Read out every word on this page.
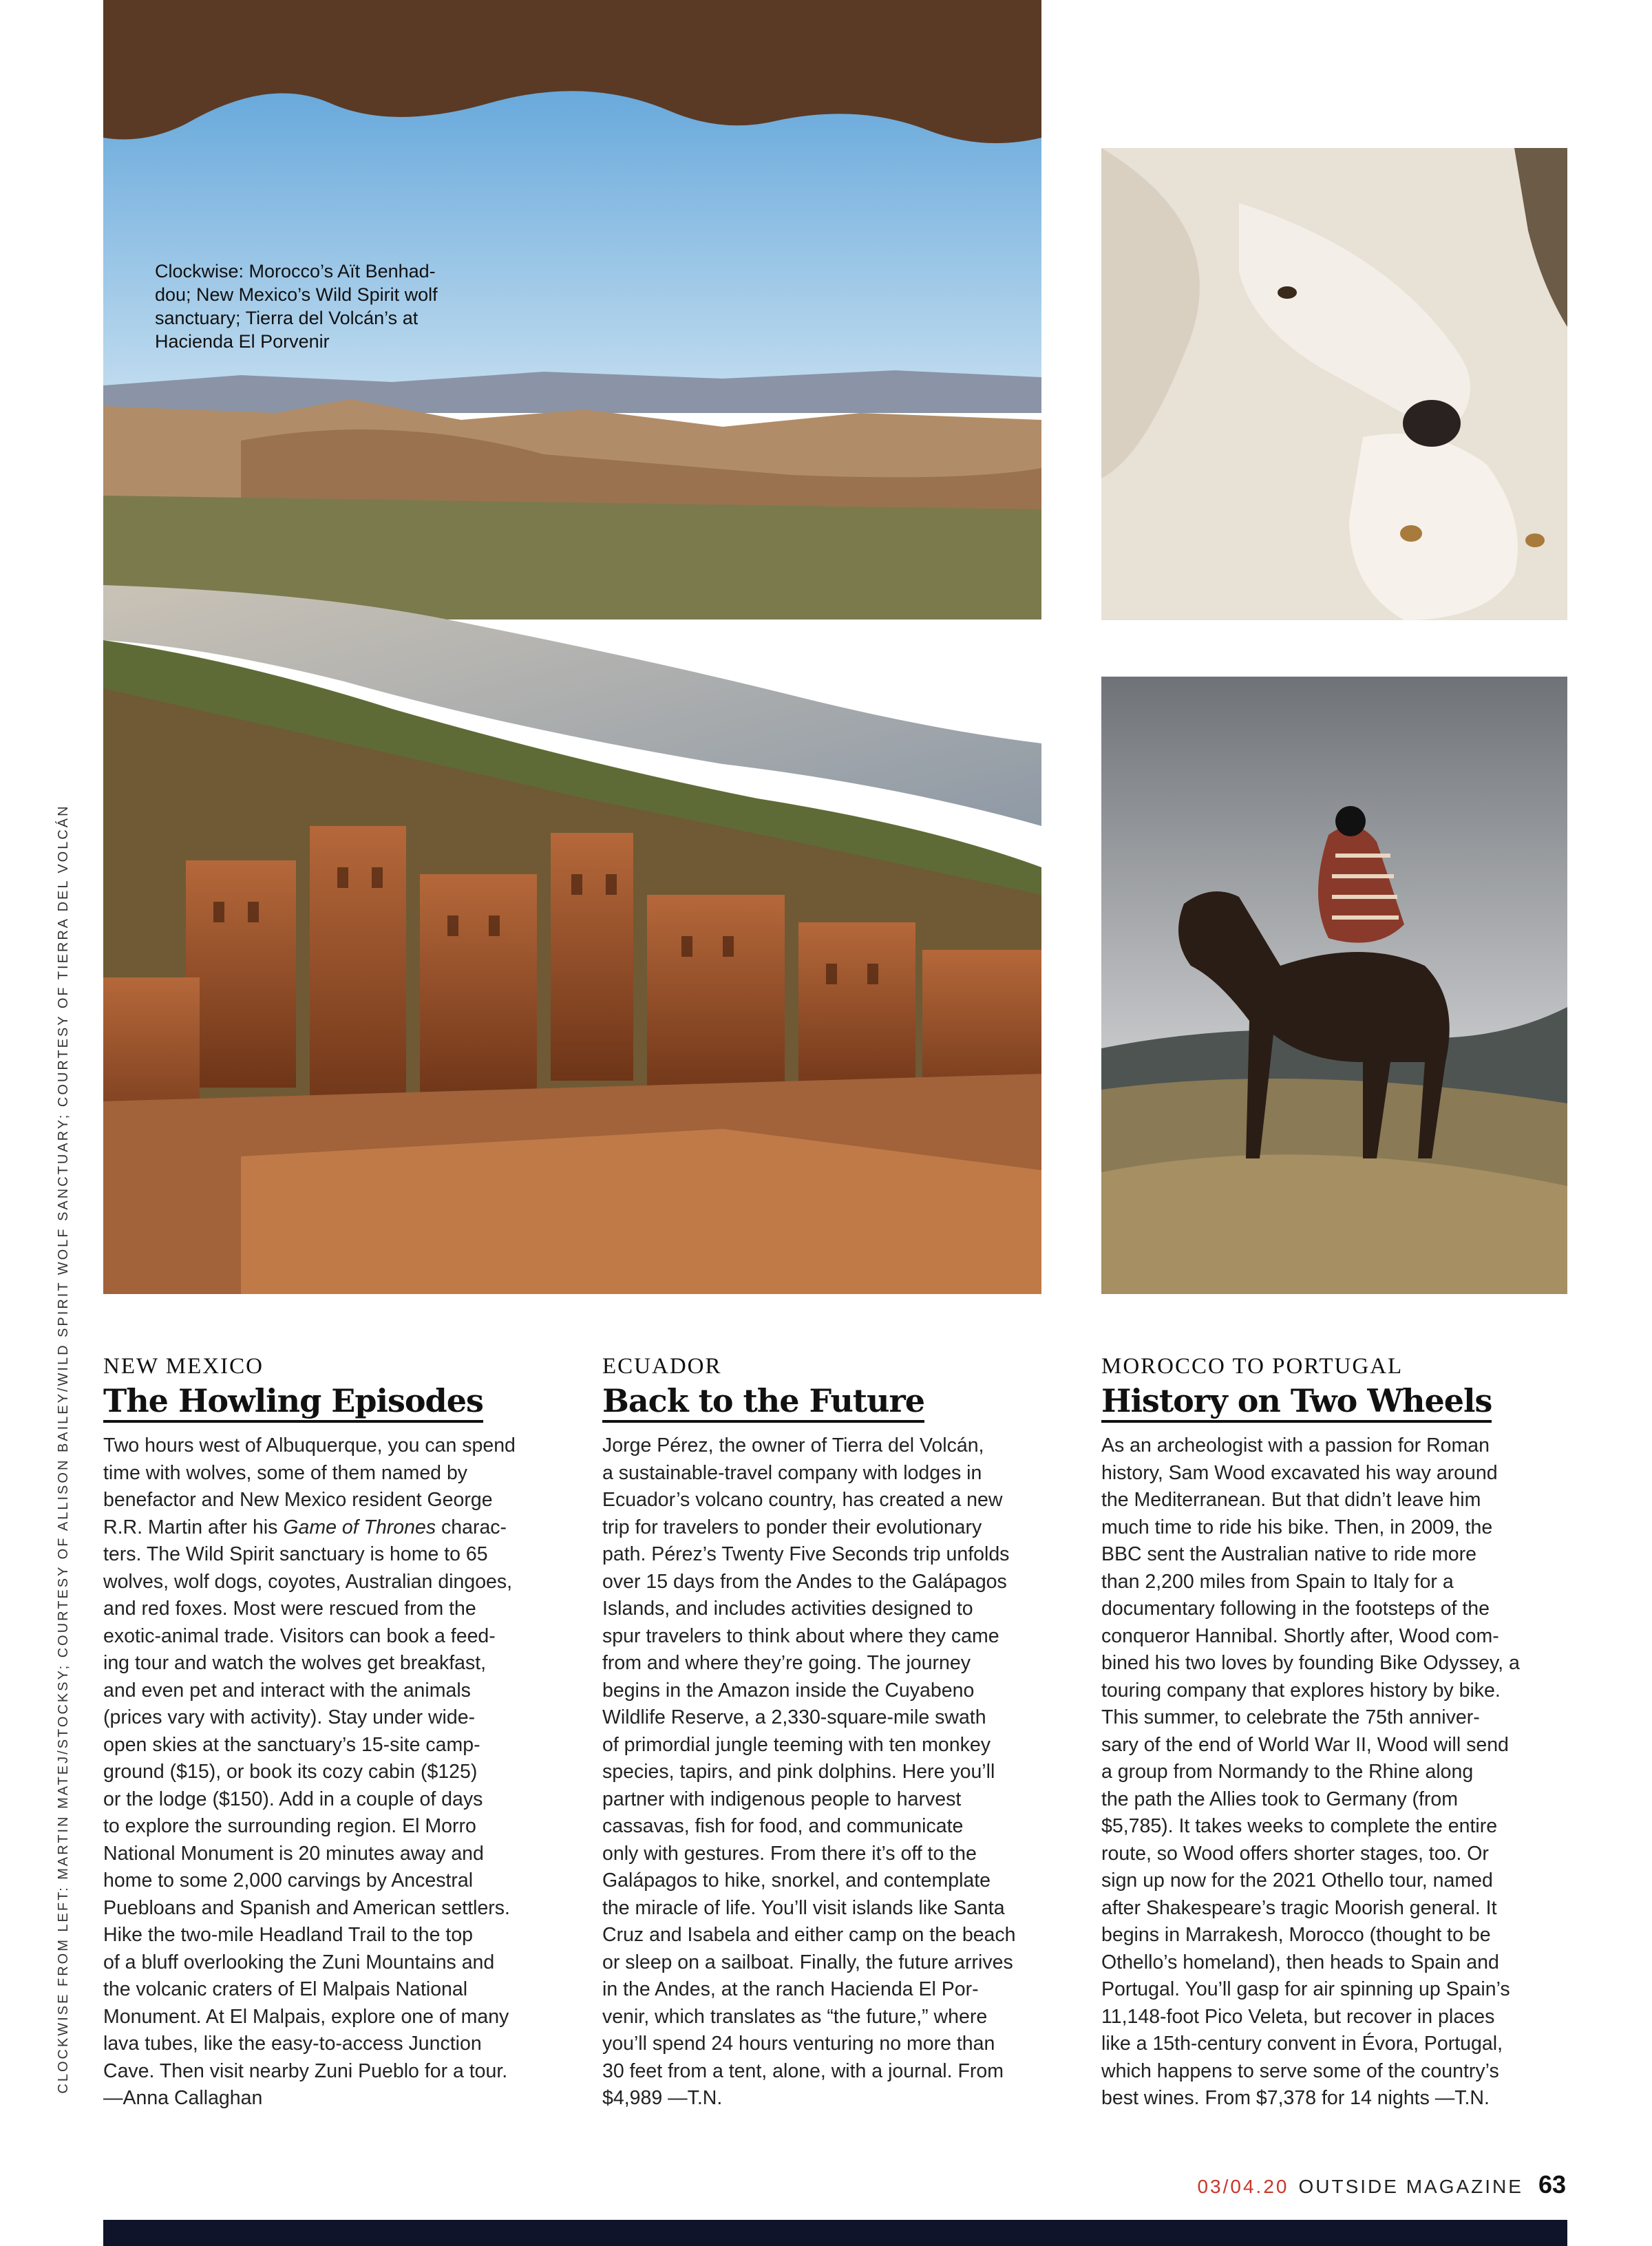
Clockwise: Morocco’s Aït Benhad-
dou; New Mexico’s Wild Spirit wolf
sanctuary; Tierra del Volcán’s at
Hacienda El Porvenir
CLOCKWISE FROM LEFT: MARTIN MATEJ/STOCKSY; COURTESY OF ALLISON BAILEY/WILD SPIRIT WOLF SANCTUARY; COURTESY OF TIERRA DEL VOLCÁN NEW MEXICO
The Howling Episodes
Two hours west of Albuquerque, you can spend
time with wolves, some of them named by
benefactor and New Mexico resident George
R.R. Martin after his Game of Thrones charac-
ters. The Wild Spirit sanctuary is home to 65
wolves, wolf dogs, coyotes, Australian dingoes,
and red foxes. Most were rescued from the
exotic-animal trade. Visitors can book a feed-
ing tour and watch the wolves get breakfast,
and even pet and interact with the animals
(prices vary with activity). Stay under wide-
open skies at the sanctuary’s 15-site camp-
ground ($15), or book its cozy cabin ($125)
or the lodge ($150). Add in a couple of days
to explore the surrounding region. El Morro
National Monument is 20 minutes away and
home to some 2,000 carvings by Ancestral
Puebloans and Spanish and American settlers.
Hike the two-mile Headland Trail to the top
of a bluff overlooking the Zuni Mountains and
the volcanic craters of El Malpais National
Monument. At El Malpais, explore one of many
lava tubes, like the easy-to-access Junction
Cave. Then visit nearby Zuni Pueblo for a tour.
—Anna Callaghan
ECUADOR
Back to the Future
Jorge Pérez, the owner of Tierra del Volcán,
a sustainable-travel company with lodges in
Ecuador’s volcano country, has created a new
trip for travelers to ponder their evolutionary
path. Pérez’s Twenty Five Seconds trip unfolds
over 15 days from the Andes to the Galápagos
Islands, and includes activities designed to
spur travelers to think about where they came
from and where they’re going. The journey
begins in the Amazon inside the Cuyabeno
Wildlife Reserve, a 2,330-square-mile swath
of primordial jungle teeming with ten monkey
species, tapirs, and pink dolphins. Here you’ll
partner with indigenous people to harvest
cassavas, fish for food, and communicate
only with gestures. From there it’s off to the
Galápagos to hike, snorkel, and contemplate
the miracle of life. You’ll visit islands like Santa
Cruz and Isabela and either camp on the beach
or sleep on a sailboat. Finally, the future arrives
in the Andes, at the ranch Hacienda El Por-
venir, which translates as “the future,” where
you’ll spend 24 hours venturing no more than
30 feet from a tent, alone, with a journal. From
$4,989 —T.N.
MOROCCO TO PORTUGAL
History on Two Wheels
As an archeologist with a passion for Roman
history, Sam Wood excavated his way around
the Mediterranean. But that didn’t leave him
much time to ride his bike. Then, in 2009, the
BBC sent the Australian native to ride more
than 2,200 miles from Spain to Italy for a
documentary following in the footsteps of the
conqueror Hannibal. Shortly after, Wood com-
bined his two loves by founding Bike Odyssey, a
touring company that explores history by bike.
This summer, to celebrate the 75th anniver-
sary of the end of World War II, Wood will send
a group from Normandy to the Rhine along
the path the Allies took to Germany (from
$5,785). It takes weeks to complete the entire
route, so Wood offers shorter stages, too. Or
sign up now for the 2021 Othello tour, named
after Shakespeare’s tragic Moorish general. It
begins in Marrakesh, Morocco (thought to be
Othello’s homeland), then heads to Spain and
Portugal. You’ll gasp for air spinning up Spain’s
11,148-foot Pico Veleta, but recover in places
like a 15th-century convent in Évora, Portugal,
which happens to serve some of the country’s
best wines. From $7,378 for 14 nights —T.N.
03/04.20 OUTSIDE MAGAZINE 63
